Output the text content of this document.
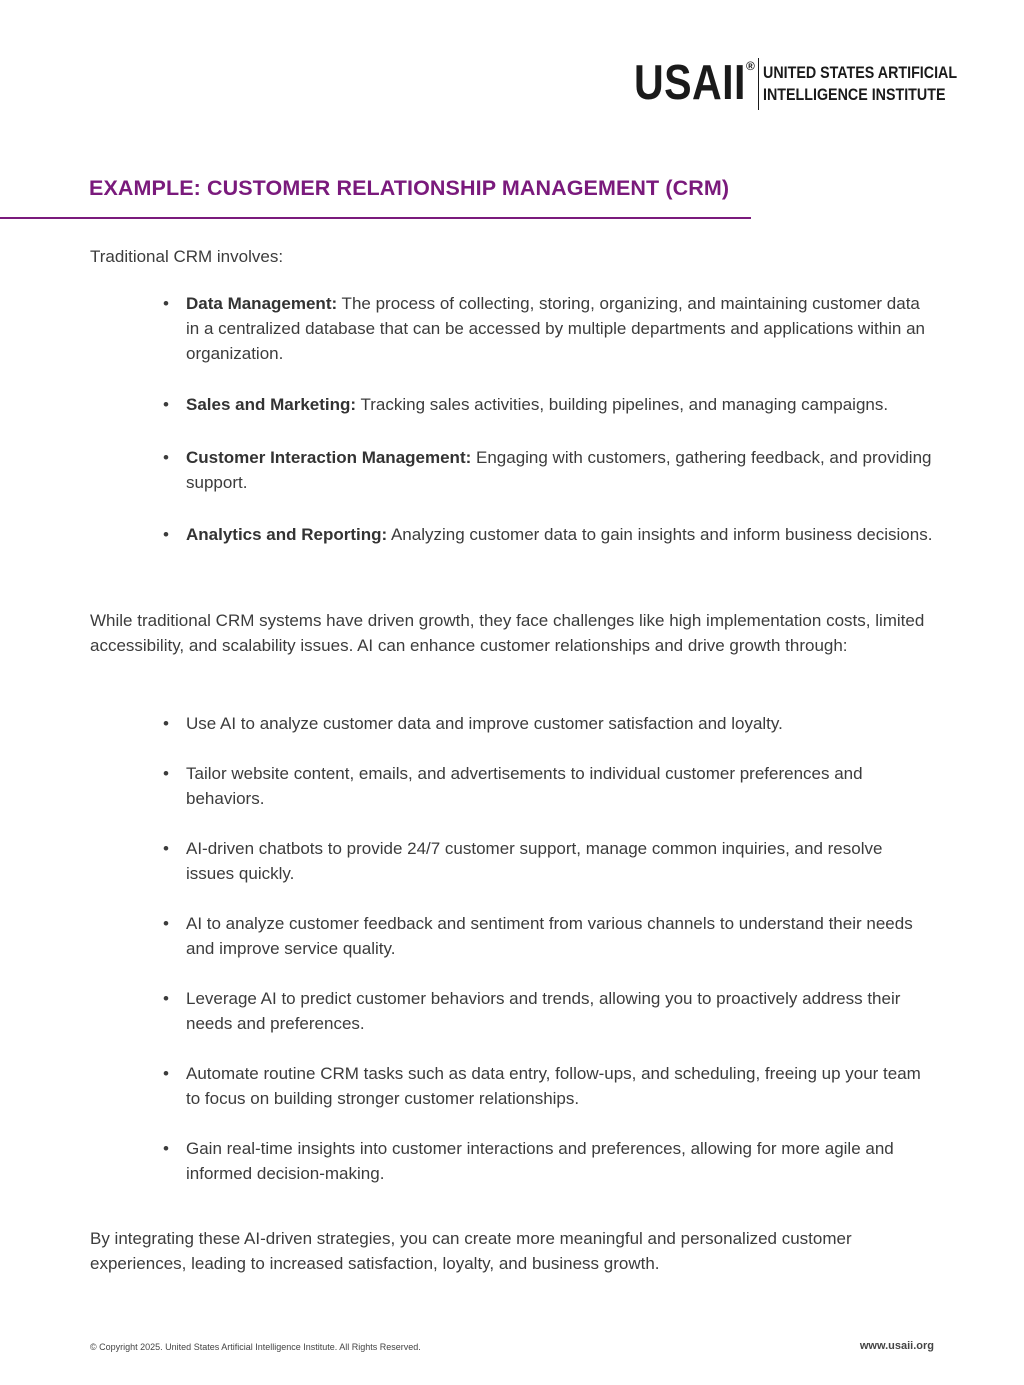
USAII ® UNITED STATES ARTIFICIAL
INTELLIGENCE INSTITUTE
EXAMPLE: CUSTOMER RELATIONSHIP MANAGEMENT (CRM)

Traditional CRM involves:

• Data Management: The process of collecting, storing, organizing, and maintaining customer data in a centralized database that can be accessed by multiple departments and applications within an organization.
• Sales and Marketing: Tracking sales activities, building pipelines, and managing campaigns.
• Customer Interaction Management: Engaging with customers, gathering feedback, and providing support.
• Analytics and Reporting: Analyzing customer data to gain insights and inform business decisions.

While traditional CRM systems have driven growth, they face challenges like high implementation costs, limited accessibility, and scalability issues. AI can enhance customer relationships and drive growth through:

• Use AI to analyze customer data and improve customer satisfaction and loyalty.
• Tailor website content, emails, and advertisements to individual customer preferences and behaviors.
• AI-driven chatbots to provide 24/7 customer support, manage common inquiries, and resolve issues quickly.
• AI to analyze customer feedback and sentiment from various channels to understand their needs and improve service quality.
• Leverage AI to predict customer behaviors and trends, allowing you to proactively address their needs and preferences.
• Automate routine CRM tasks such as data entry, follow-ups, and scheduling, freeing up your team to focus on building stronger customer relationships.
• Gain real-time insights into customer interactions and preferences, allowing for more agile and informed decision-making.

By integrating these AI-driven strategies, you can create more meaningful and personalized customer experiences, leading to increased satisfaction, loyalty, and business growth.

© Copyright 2025. United States Artificial Intelligence Institute. All Rights Reserved.	www.usaii.org
